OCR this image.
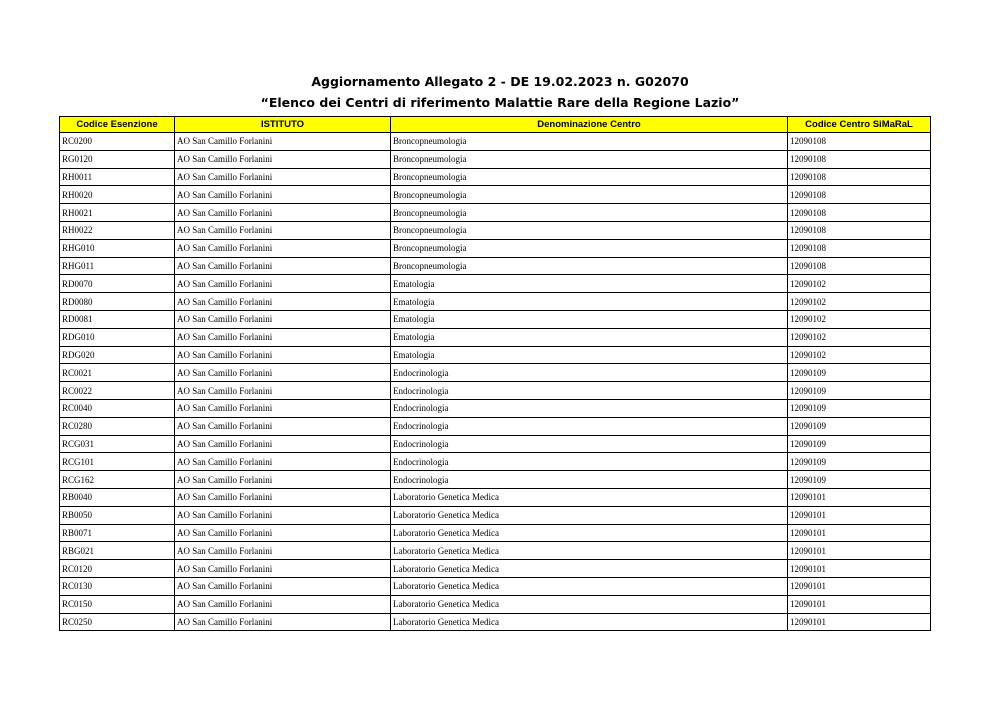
Aggiornamento Allegato 2 - DE 19.02.2023 n. G02070
“Elenco dei Centri di riferimento Malattie Rare della Regione Lazio”
Codice Esenzione	ISTITUTO	Denominazione Centro	Codice Centro SiMaRaL
RC0200	AO San Camillo Forlanini	Broncopneumologia	12090108
RG0120	AO San Camillo Forlanini	Broncopneumologia	12090108
RH0011	AO San Camillo Forlanini	Broncopneumologia	12090108
RH0020	AO San Camillo Forlanini	Broncopneumologia	12090108
RH0021	AO San Camillo Forlanini	Broncopneumologia	12090108
RH0022	AO San Camillo Forlanini	Broncopneumologia	12090108
RHG010	AO San Camillo Forlanini	Broncopneumologia	12090108
RHG011	AO San Camillo Forlanini	Broncopneumologia	12090108
RD0070	AO San Camillo Forlanini	Ematologia	12090102
RD0080	AO San Camillo Forlanini	Ematologia	12090102
RD0081	AO San Camillo Forlanini	Ematologia	12090102
RDG010	AO San Camillo Forlanini	Ematologia	12090102
RDG020	AO San Camillo Forlanini	Ematologia	12090102
RC0021	AO San Camillo Forlanini	Endocrinologia	12090109
RC0022	AO San Camillo Forlanini	Endocrinologia	12090109
RC0040	AO San Camillo Forlanini	Endocrinologia	12090109
RC0280	AO San Camillo Forlanini	Endocrinologia	12090109
RCG031	AO San Camillo Forlanini	Endocrinologia	12090109
RCG101	AO San Camillo Forlanini	Endocrinologia	12090109
RCG162	AO San Camillo Forlanini	Endocrinologia	12090109
RB0040	AO San Camillo Forlanini	Laboratorio Genetica Medica	12090101
RB0050	AO San Camillo Forlanini	Laboratorio Genetica Medica	12090101
RB0071	AO San Camillo Forlanini	Laboratorio Genetica Medica	12090101
RBG021	AO San Camillo Forlanini	Laboratorio Genetica Medica	12090101
RC0120	AO San Camillo Forlanini	Laboratorio Genetica Medica	12090101
RC0130	AO San Camillo Forlanini	Laboratorio Genetica Medica	12090101
RC0150	AO San Camillo Forlanini	Laboratorio Genetica Medica	12090101
RC0250	AO San Camillo Forlanini	Laboratorio Genetica Medica	12090101
